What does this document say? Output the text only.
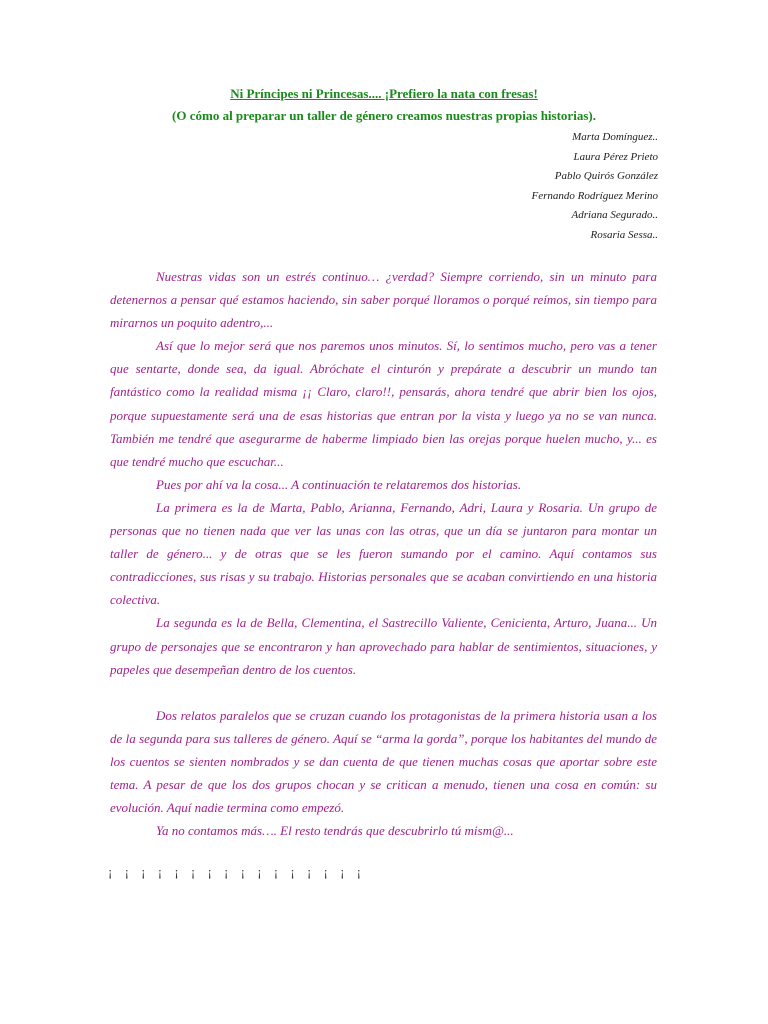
Ni Príncipes ni Princesas.... ¡Prefiero la nata con fresas!
(O cómo al preparar un taller de género creamos nuestras propias historias).
Marta Domínguez..
Laura Pérez Prieto
Pablo Quirós González
Fernando Rodríguez Merino
Adriana Segurado..
Rosaria Sessa..

Nuestras vidas son un estrés continuo… ¿verdad? Siempre corriendo, sin un minuto para detenernos a pensar qué estamos haciendo, sin saber porqué lloramos o porqué reímos, sin tiempo para mirarnos un poquito adentro,...

Así que lo mejor será que nos paremos unos minutos. Sí, lo sentimos mucho, pero vas a tener que sentarte, donde sea, da igual. Abróchate el cinturón y prepárate a descubrir un mundo tan fantástico como la realidad misma ¡¡ Claro, claro!!, pensarás, ahora tendré que abrir bien los ojos, porque supuestamente será una de esas historias que entran por la vista y luego ya no se van nunca. También me tendré que asegurarme de haberme limpiado bien las orejas porque huelen mucho, y... es que tendré mucho que escuchar...

Pues por ahí va la cosa... A continuación te relataremos dos historias.

La primera es la de Marta, Pablo, Arianna, Fernando, Adri, Laura y Rosaria. Un grupo de personas que no tienen nada que ver las unas con las otras, que un día se juntaron para montar un taller de género... y de otras que se les fueron sumando por el camino. Aquí contamos sus contradicciones, sus risas y su trabajo. Historias personales que se acaban convirtiendo en una historia colectiva.

La segunda es la de Bella, Clementina, el Sastrecillo Valiente, Cenicienta, Arturo, Juana... Un grupo de personajes que se encontraron y han aprovechado para hablar de sentimientos, situaciones, y papeles que desempeñan dentro de los cuentos.

Dos relatos paralelos que se cruzan cuando los protagonistas de la primera historia usan a los de la segunda para sus talleres de género. Aquí se “arma la gorda”, porque los habitantes del mundo de los cuentos se sienten nombrados y se dan cuenta de que tienen muchas cosas que aportar sobre este tema. A pesar de que los dos grupos chocan y se critican a menudo, tienen una cosa en común: su evolución. Aquí nadie termina como empezó.

Ya no contamos más…. El resto tendrás que descubrirlo tú mism@...

¡ ¡ ¡ ¡ ¡ ¡ ¡ ¡ ¡ ¡ ¡ ¡ ¡ ¡ ¡ ¡
